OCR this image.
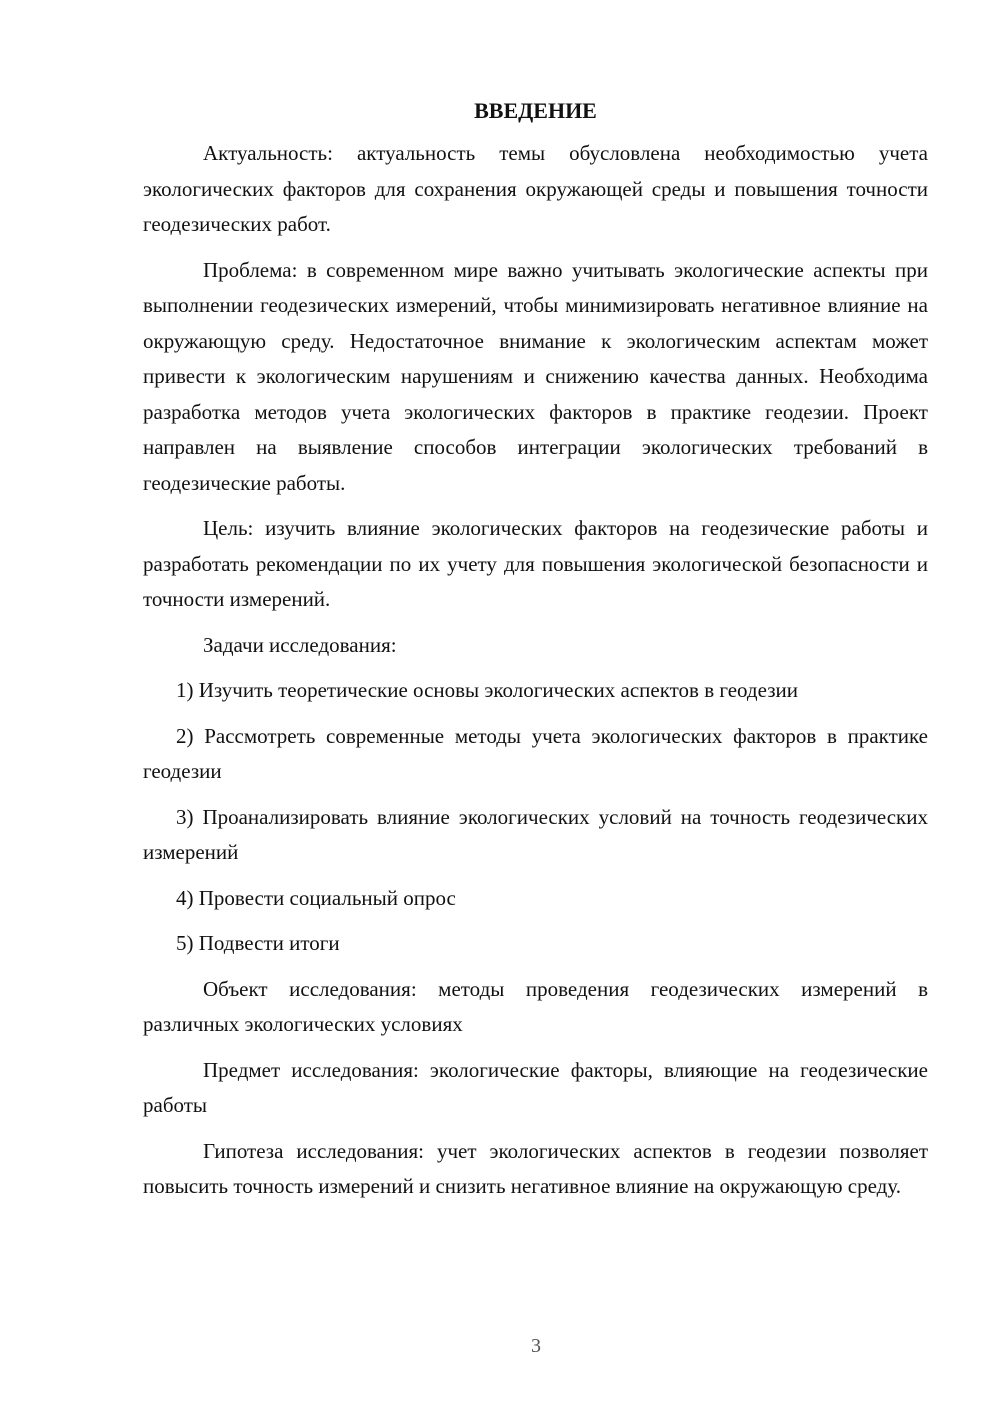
ВВЕДЕНИЕ

Актуальность: актуальность темы обусловлена необходимостью учета экологических факторов для сохранения окружающей среды и повышения точности геодезических работ.

Проблема: в современном мире важно учитывать экологические аспекты при выполнении геодезических измерений, чтобы минимизировать негативное влияние на окружающую среду. Недостаточное внимание к экологическим аспектам может привести к экологическим нарушениям и снижению качества данных. Необходима разработка методов учета экологических факторов в практике геодезии. Проект направлен на выявление способов интеграции экологических требований в геодезические работы.

Цель: изучить влияние экологических факторов на геодезические работы и разработать рекомендации по их учету для повышения экологической безопасности и точности измерений.

Задачи исследования:

1) Изучить теоретические основы экологических аспектов в геодезии

2) Рассмотреть современные методы учета экологических факторов в практике геодезии

3) Проанализировать влияние экологических условий на точность геодезических измерений

4) Провести социальный опрос

5) Подвести итоги

Объект исследования: методы проведения геодезических измерений в различных экологических условиях

Предмет исследования: экологические факторы, влияющие на геодезические работы

Гипотеза исследования: учет экологических аспектов в геодезии позволяет повысить точность измерений и снизить негативное влияние на окружающую среду.

3
